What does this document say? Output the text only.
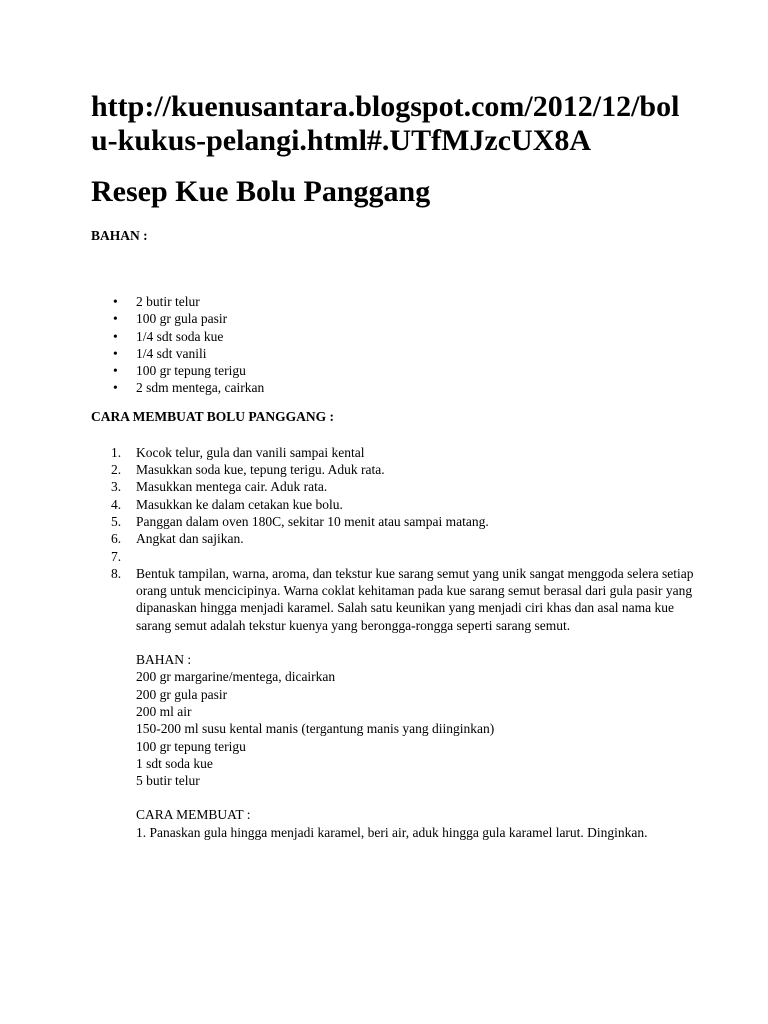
http://kuenusantara.blogspot.com/2012/12/bolu-kukus-pelangi.html#.UTfMJzcUX8A
Resep Kue Bolu Panggang

BAHAN :

• 2 butir telur
• 100 gr gula pasir
• 1/4 sdt soda kue
• 1/4 sdt vanili
• 100 gr tepung terigu
• 2 sdm mentega, cairkan

CARA MEMBUAT BOLU PANGGANG :

1. Kocok telur, gula dan vanili sampai kental
2. Masukkan soda kue, tepung terigu. Aduk rata.
3. Masukkan mentega cair. Aduk rata.
4. Masukkan ke dalam cetakan kue bolu.
5. Panggan dalam oven 180C, sekitar 10 menit atau sampai matang.
6. Angkat dan sajikan.
7.
8. Bentuk tampilan, warna, aroma, dan tekstur kue sarang semut yang unik sangat menggoda selera setiap orang untuk mencicipinya. Warna coklat kehitaman pada kue sarang semut berasal dari gula pasir yang dipanaskan hingga menjadi karamel. Salah satu keunikan yang menjadi ciri khas dan asal nama kue sarang semut adalah tekstur kuenya yang berongga-rongga seperti sarang semut.
BAHAN :
200 gr margarine/mentega, dicairkan
200 gr gula pasir
200 ml air
150-200 ml susu kental manis (tergantung manis yang diinginkan)
100 gr tepung terigu
1 sdt soda kue
5 butir telur
CARA MEMBUAT :
1. Panaskan gula hingga menjadi karamel, beri air, aduk hingga gula karamel larut. Dinginkan.
